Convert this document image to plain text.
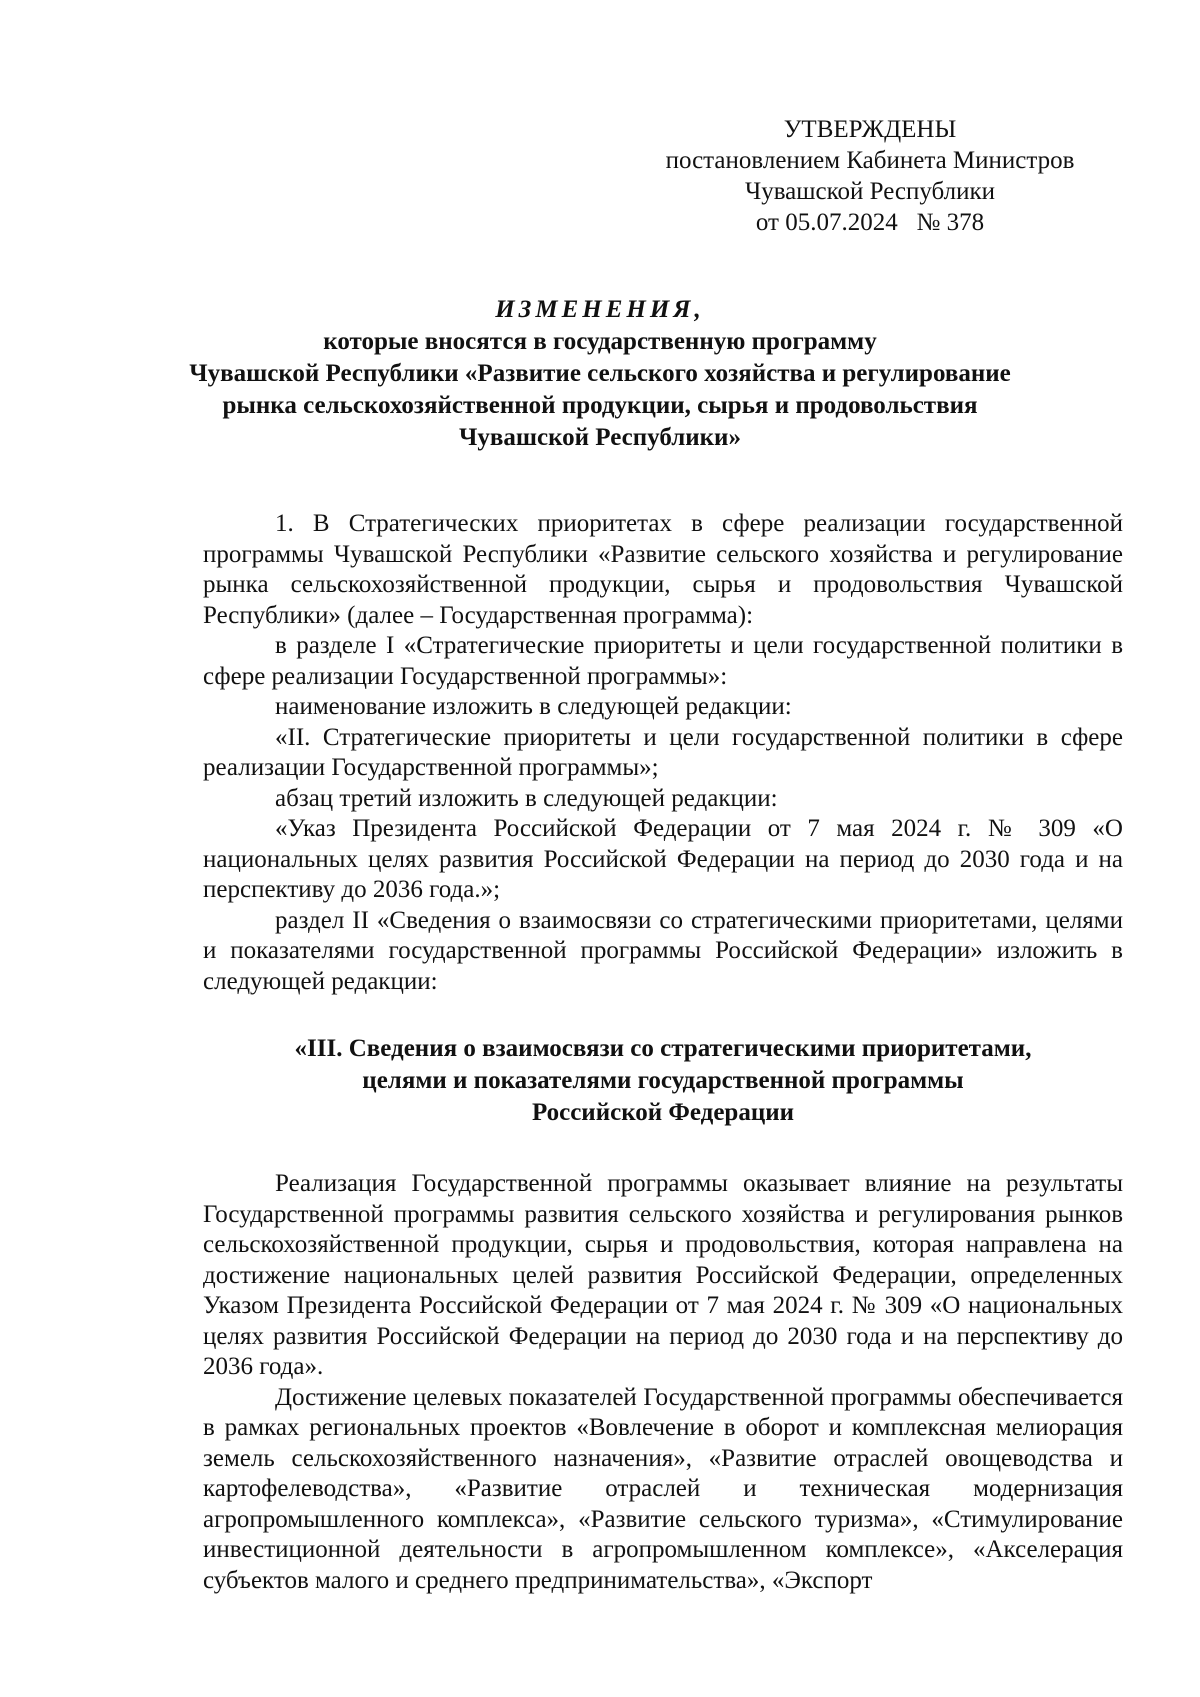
УТВЕРЖДЕНЫ
постановлением Кабинета Министров
Чувашской Республики
от 05.07.2024   № 378
ИЗМЕНЕНИЯ,
которые вносятся в государственную программу
Чувашской Республики «Развитие сельского хозяйства и регулирование
рынка сельскохозяйственной продукции, сырья и продовольствия
Чувашской Республики»

1. В Стратегических приоритетах в сфере реализации государственной программы Чувашской Республики «Развитие сельского хозяйства и регулирование рынка сельскохозяйственной продукции, сырья и продовольствия Чувашской Республики» (далее – Государственная программа):

в разделе I «Стратегические приоритеты и цели государственной политики в сфере реализации Государственной программы»:

наименование изложить в следующей редакции:

«II. Стратегические приоритеты и цели государственной политики в сфере реализации Государственной программы»;

абзац третий изложить в следующей редакции:

«Указ Президента Российской Федерации от 7 мая 2024 г. № 309 «О национальных целях развития Российской Федерации на период до 2030 года и на перспективу до 2036 года.»;

раздел II «Сведения о взаимосвязи со стратегическими приоритетами, целями и показателями государственной программы Российской Федерации» изложить в следующей редакции:

«III. Сведения о взаимосвязи со стратегическими приоритетами,
целями и показателями государственной программы
Российской Федерации

Реализация Государственной программы оказывает влияние на результаты Государственной программы развития сельского хозяйства и регулирования рынков сельскохозяйственной продукции, сырья и продовольствия, которая направлена на достижение национальных целей развития Российской Федерации, определенных Указом Президента Российской Федерации от 7 мая 2024 г. № 309 «О национальных целях развития Российской Федерации на период до 2030 года и на перспективу до 2036 года».

Достижение целевых показателей Государственной программы обеспечивается в рамках региональных проектов «Вовлечение в оборот и комплексная мелиорация земель сельскохозяйственного назначения», «Развитие отраслей овощеводства и картофелеводства», «Развитие отраслей и техническая модернизация агропромышленного комплекса», «Развитие сельского туризма», «Стимулирование инвестиционной деятельности в агропромышленном комплексе», «Акселерация субъектов малого и среднего предпринимательства», «Экспорт
